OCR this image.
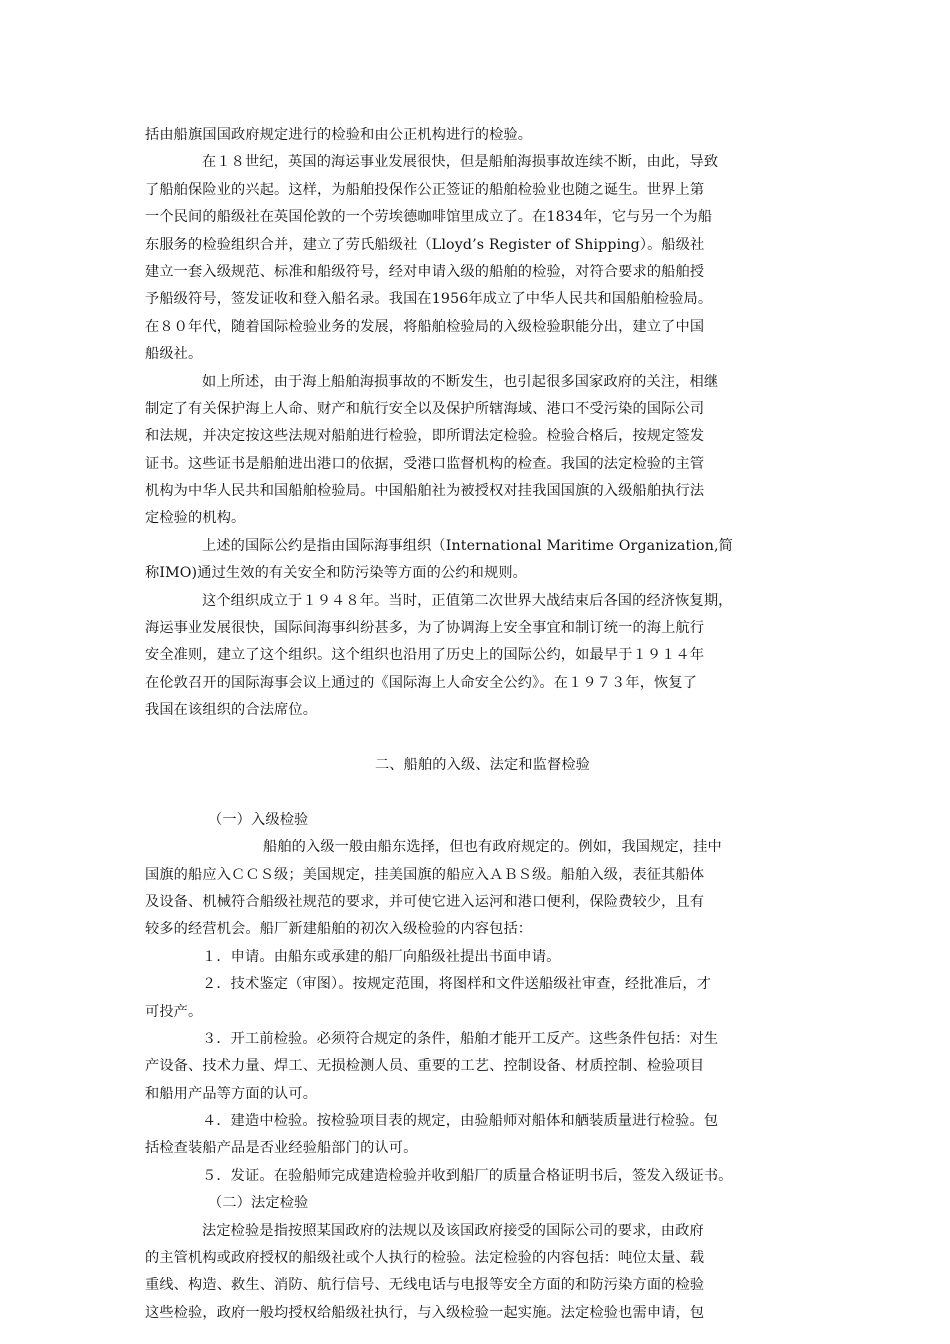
括由船旗国国政府规定进行的检验和由公正机构进行的检验。

在１８世纪，英国的海运事业发展很快，但是船舶海损事故连续不断，由此，导致

了船舶保险业的兴起。这样，为船舶投保作公正签证的船舶检验业也随之诞生。世界上第

一个民间的船级社在英国伦敦的一个劳埃德咖啡馆里成立了。在1834年，它与另一个为船

东服务的检验组织合并，建立了劳氏船级社（Lloyd’s Register of Shipping）。船级社

建立一套入级规范、标准和船级符号，经对申请入级的船舶的检验，对符合要求的船舶授

予船级符号，签发证收和登入船名录。我国在1956年成立了中华人民共和国船舶检验局。

在８０年代，随着国际检验业务的发展，将船舶检验局的入级检验职能分出，建立了中国

船级社。

如上所述，由于海上船舶海损事故的不断发生，也引起很多国家政府的关注，相继

制定了有关保护海上人命、财产和航行安全以及保护所辖海域、港口不受污染的国际公司

和法规，并决定按这些法规对船舶进行检验，即所谓法定检验。检验合格后，按规定签发

证书。这些证书是船舶进出港口的依据，受港口监督机构的检查。我国的法定检验的主管

机构为中华人民共和国船舶检验局。中国船舶社为被授权对挂我国国旗的入级船舶执行法

定检验的机构。

上述的国际公约是指由国际海事组织（International Maritime Organization,简

称IMO)通过生效的有关安全和防污染等方面的公约和规则。

这个组织成立于１９４８年。当时，正值第二次世界大战结束后各国的经济恢复期，

海运事业发展很快，国际间海事纠纷甚多，为了协调海上安全事宜和制订统一的海上航行

安全准则，建立了这个组织。这个组织也沿用了历史上的国际公约，如最早于１９１４年

在伦敦召开的国际海事会议上通过的《国际海上人命安全公约》。在１９７３年，恢复了

我国在该组织的合法席位。

二、船舶的入级、法定和监督检验

（一）入级检验

船舶的入级一般由船东选择，但也有政府规定的。例如，我国规定，挂中

国旗的船应入ＣＣＳ级；美国规定，挂美国旗的船应入ＡＢＳ级。船舶入级，表征其船体

及设备、机械符合船级社规范的要求，并可使它进入运河和港口便利，保险费较少，且有

较多的经营机会。船厂新建船舶的初次入级检验的内容包括：

１．申请。由船东或承建的船厂向船级社提出书面申请。

２．技术鉴定（审图）。按规定范围，将图样和文件送船级社审查，经批准后，才

可投产。

３．开工前检验。必须符合规定的条件，船舶才能开工反产。这些条件包括：对生

产设备、技术力量、焊工、无损检测人员、重要的工艺、控制设备、材质控制、检验项目

和船用产品等方面的认可。

４．建造中检验。按检验项目表的规定，由验船师对船体和舾装质量进行检验。包

括检查装船产品是否业经验船部门的认可。

５．发证。在验船师完成建造检验并收到船厂的质量合格证明书后，签发入级证书。

（二）法定检验

法定检验是指按照某国政府的法规以及该国政府接受的国际公司的要求，由政府

的主管机构或政府授权的船级社或个人执行的检验。法定检验的内容包括：吨位太量、载

重线、构造、救生、消防、航行信号、无线电话与电报等安全方面的和防污染方面的检验

这些检验，政府一般均授权给船级社执行，与入级检验一起实施。法定检验也需申请，包
